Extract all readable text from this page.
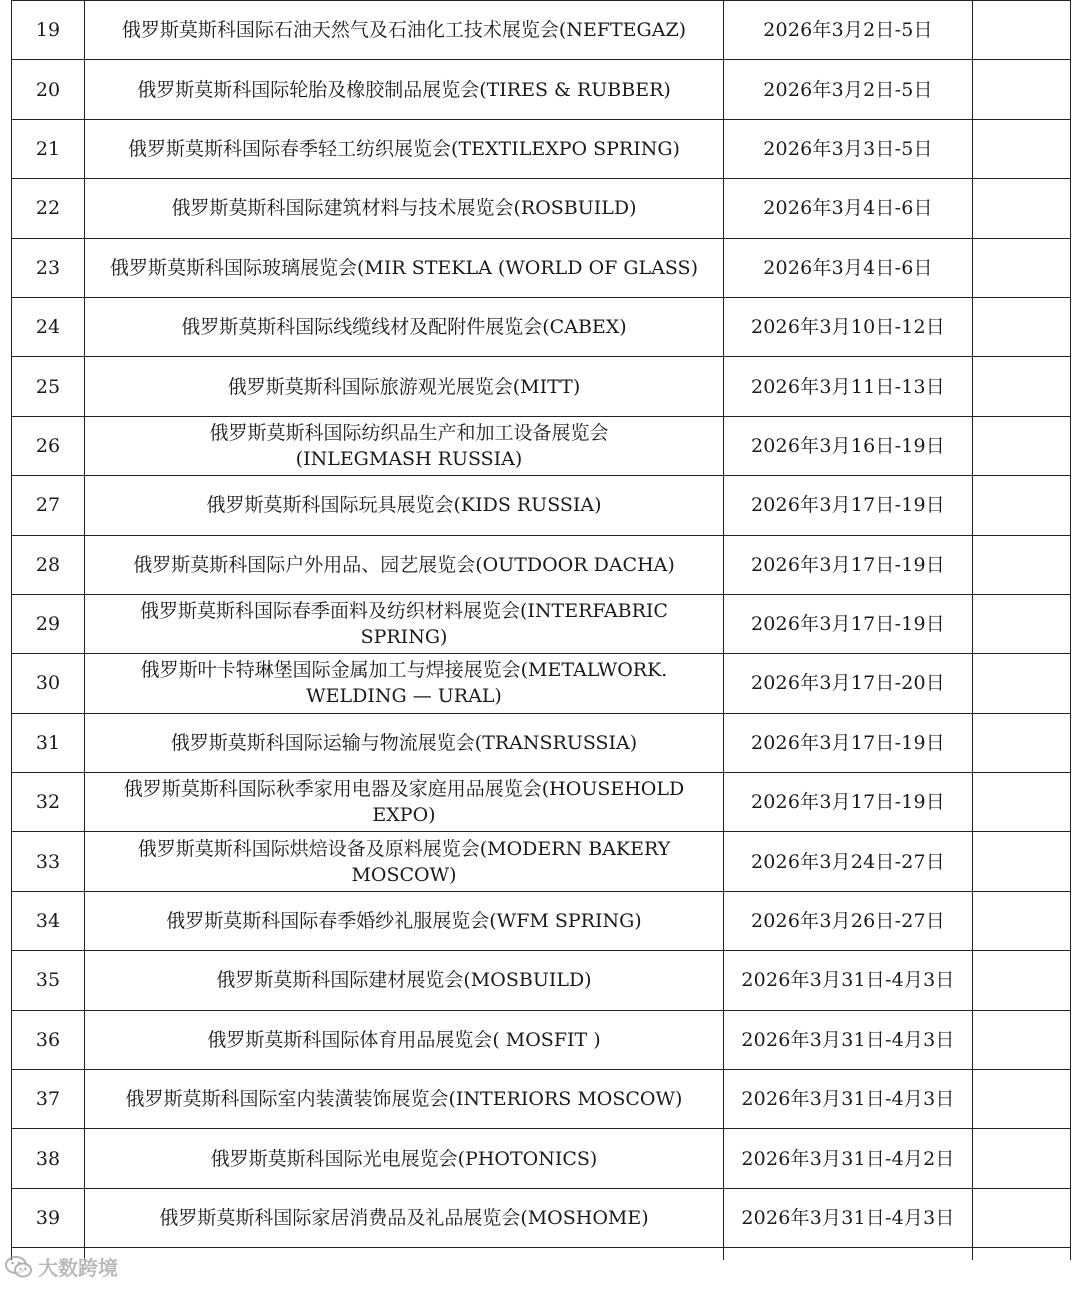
19	俄罗斯莫斯科国际石油天然气及石油化工技术展览会(NEFTEGAZ)	2026年3月2日-5日	
20	俄罗斯莫斯科国际轮胎及橡胶制品展览会(TIRES & RUBBER)	2026年3月2日-5日	
21	俄罗斯莫斯科国际春季轻工纺织展览会(TEXTILEXPO SPRING)	2026年3月3日-5日	
22	俄罗斯莫斯科国际建筑材料与技术展览会(ROSBUILD)	2026年3月4日-6日	
23	俄罗斯莫斯科国际玻璃展览会(MIR STEKLA (WORLD OF GLASS)	2026年3月4日-6日	
24	俄罗斯莫斯科国际线缆线材及配附件展览会(CABEX)	2026年3月10日-12日	
25	俄罗斯莫斯科国际旅游观光展览会(MITT)	2026年3月11日-13日	
26	俄罗斯莫斯科国际纺织品生产和加工设备展览会(INLEGMASH RUSSIA)	2026年3月16日-19日	
27	俄罗斯莫斯科国际玩具展览会(KIDS RUSSIA)	2026年3月17日-19日	
28	俄罗斯莫斯科国际户外用品、园艺展览会(OUTDOOR DACHA)	2026年3月17日-19日	
29	俄罗斯莫斯科国际春季面料及纺织材料展览会(INTERFABRIC SPRING)	2026年3月17日-19日	
30	俄罗斯叶卡特琳堡国际金属加工与焊接展览会(METALWORK. WELDING — URAL)	2026年3月17日-20日	
31	俄罗斯莫斯科国际运输与物流展览会(TRANSRUSSIA)	2026年3月17日-19日	
32	俄罗斯莫斯科国际秋季家用电器及家庭用品展览会(HOUSEHOLD EXPO)	2026年3月17日-19日	
33	俄罗斯莫斯科国际烘焙设备及原料展览会(MODERN BAKERY MOSCOW)	2026年3月24日-27日	
34	俄罗斯莫斯科国际春季婚纱礼服展览会(WFM SPRING)	2026年3月26日-27日	
35	俄罗斯莫斯科国际建材展览会(MOSBUILD)	2026年3月31日-4月3日	
36	俄罗斯莫斯科国际体育用品展览会( MOSFIT )	2026年3月31日-4月3日	
37	俄罗斯莫斯科国际室内装潢装饰展览会(INTERIORS MOSCOW)	2026年3月31日-4月3日	
38	俄罗斯莫斯科国际光电展览会(PHOTONICS)	2026年3月31日-4月2日	
39	俄罗斯莫斯科国际家居消费品及礼品展览会(MOSHOME)	2026年3月31日-4月3日	

大数跨境
